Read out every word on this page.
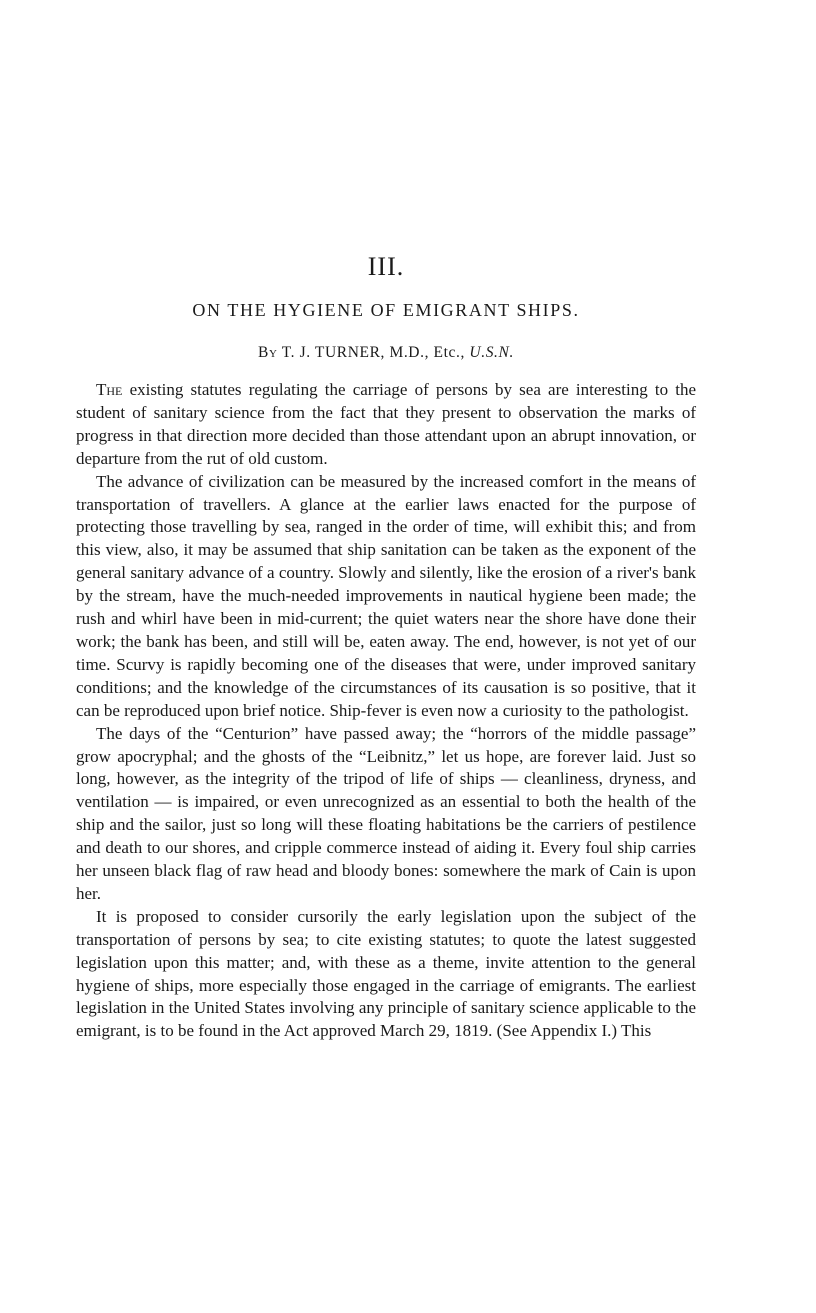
III.
ON THE HYGIENE OF EMIGRANT SHIPS.
By T. J. TURNER, M.D., Etc., U.S.N.

The existing statutes regulating the carriage of persons by sea are interesting to the student of sanitary science from the fact that they present to observation the marks of progress in that direction more decided than those attendant upon an abrupt innovation, or departure from the rut of old custom.

The advance of civilization can be measured by the increased comfort in the means of transportation of travellers. A glance at the earlier laws enacted for the purpose of protecting those travelling by sea, ranged in the order of time, will exhibit this; and from this view, also, it may be assumed that ship sanitation can be taken as the exponent of the general sanitary advance of a country. Slowly and silently, like the erosion of a river's bank by the stream, have the much-needed improvements in nautical hygiene been made; the rush and whirl have been in mid-current; the quiet waters near the shore have done their work; the bank has been, and still will be, eaten away. The end, however, is not yet of our time. Scurvy is rapidly becoming one of the diseases that were, under improved sanitary conditions; and the knowledge of the circumstances of its causation is so positive, that it can be reproduced upon brief notice. Ship-fever is even now a curiosity to the pathologist.

The days of the “Centurion” have passed away; the “horrors of the middle passage” grow apocryphal; and the ghosts of the “Leibnitz,” let us hope, are forever laid. Just so long, however, as the integrity of the tripod of life of ships — cleanliness, dryness, and ventilation — is impaired, or even unrecognized as an essential to both the health of the ship and the sailor, just so long will these floating habitations be the carriers of pestilence and death to our shores, and cripple commerce instead of aiding it. Every foul ship carries her unseen black flag of raw head and bloody bones: somewhere the mark of Cain is upon her.

It is proposed to consider cursorily the early legislation upon the subject of the transportation of persons by sea; to cite existing statutes; to quote the latest suggested legislation upon this matter; and, with these as a theme, invite attention to the general hygiene of ships, more especially those engaged in the carriage of emigrants. The earliest legislation in the United States involving any principle of sanitary science applicable to the emigrant, is to be found in the Act approved March 29, 1819. (See Appendix I.) This
